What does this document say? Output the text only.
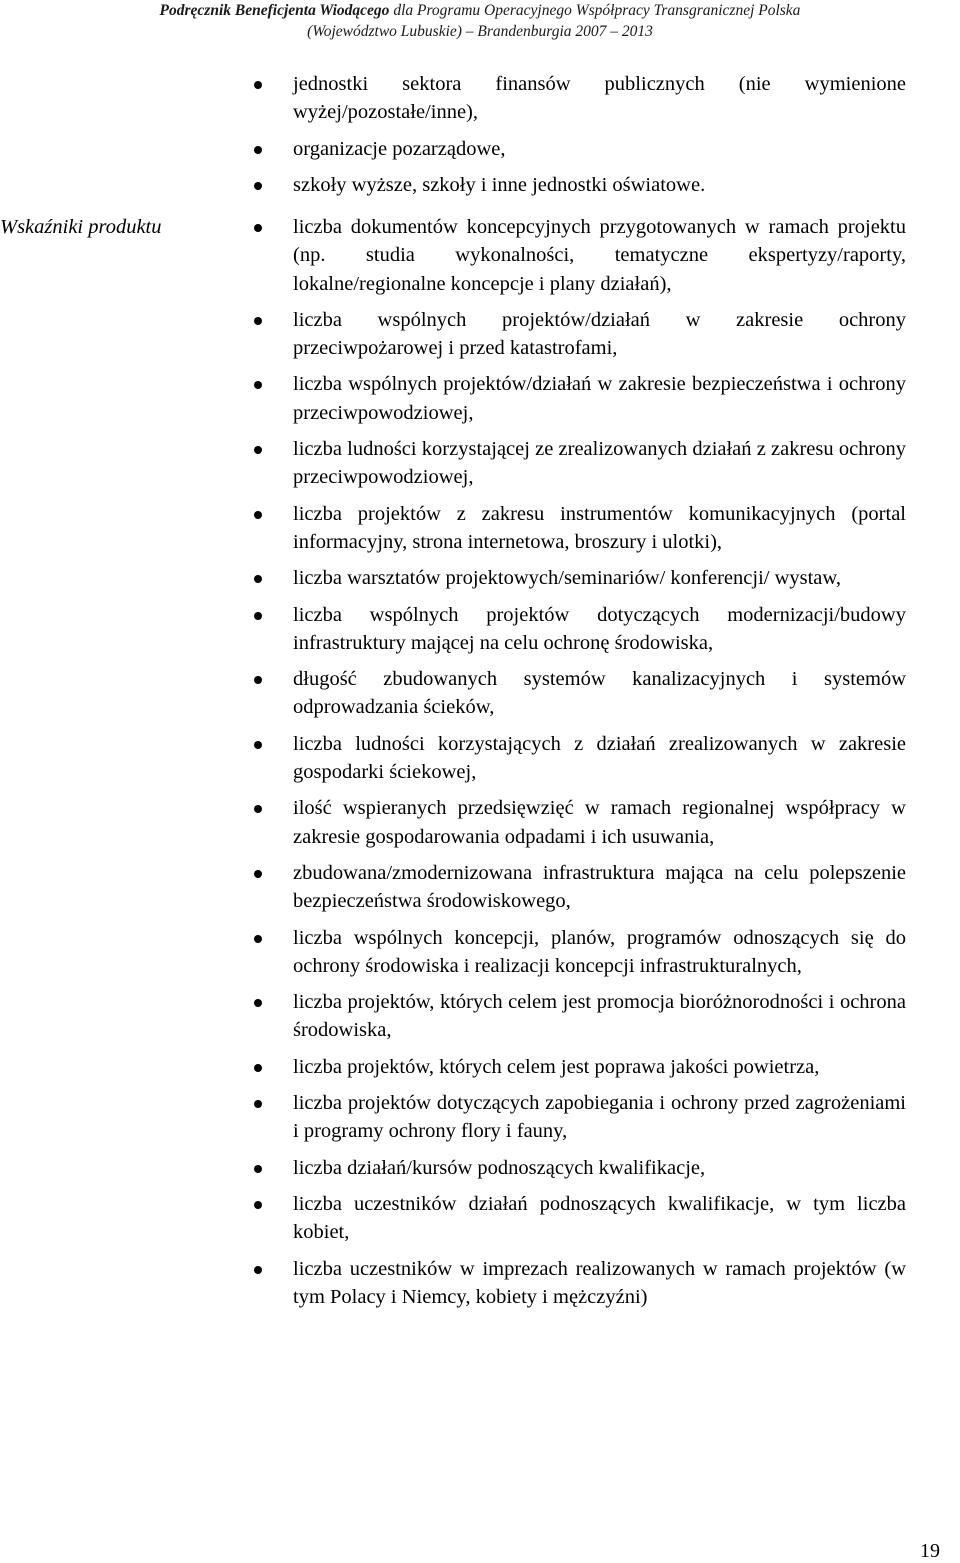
Podręcznik Beneficjenta Wiodącego dla Programu Operacyjnego Współpracy Transgranicznej Polska
(Województwo Lubuskie) – Brandenburgia 2007 – 2013
jednostki sektora finansów publicznych (nie wymienione wyżej/pozostałe/inne),
organizacje pozarządowe,
szkoły wyższe, szkoły i inne jednostki oświatowe.
Wskaźniki produktu	liczba dokumentów koncepcyjnych przygotowanych w ramach projektu (np. studia wykonalności, tematyczne ekspertyzy/raporty, lokalne/regionalne koncepcje i plany działań),
liczba wspólnych projektów/działań w zakresie ochrony przeciwpożarowej i przed katastrofami,
liczba wspólnych projektów/działań w zakresie bezpieczeństwa i ochrony przeciwpowodziowej,
liczba ludności korzystającej ze zrealizowanych działań z zakresu ochrony przeciwpowodziowej,
liczba projektów z zakresu instrumentów komunikacyjnych (portal informacyjny, strona internetowa, broszury i ulotki),
liczba warsztatów projektowych/seminariów/ konferencji/ wystaw,
liczba wspólnych projektów dotyczących modernizacji/budowy infrastruktury mającej na celu ochronę środowiska,
długość zbudowanych systemów kanalizacyjnych i systemów odprowadzania ścieków,
liczba ludności korzystających z działań zrealizowanych w zakresie gospodarki ściekowej,
ilość wspieranych przedsięwzięć w ramach regionalnej współpracy w zakresie gospodarowania odpadami i ich usuwania,
zbudowana/zmodernizowana infrastruktura mająca na celu polepszenie bezpieczeństwa środowiskowego,
liczba wspólnych koncepcji, planów, programów odnoszących się do ochrony środowiska i realizacji koncepcji infrastrukturalnych,
liczba projektów, których celem jest promocja bioróżnorodności i ochrona środowiska,
liczba projektów, których celem jest poprawa jakości powietrza,
liczba projektów dotyczących zapobiegania i ochrony przed zagrożeniami i programy ochrony flory i fauny,
liczba działań/kursów podnoszących kwalifikacje,
liczba uczestników działań podnoszących kwalifikacje, w tym liczba kobiet,
liczba uczestników w imprezach realizowanych w ramach projektów (w tym Polacy i Niemcy, kobiety i mężczyźni)
19
